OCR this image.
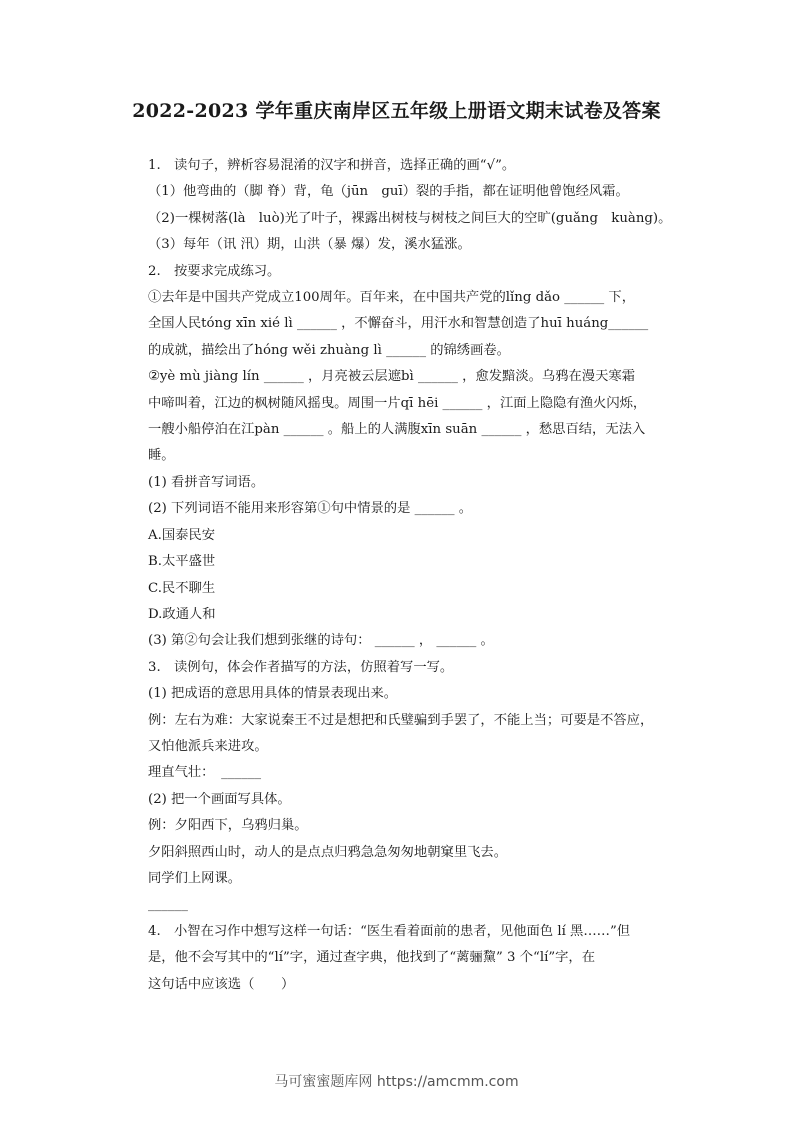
2022-2023 学年重庆南岸区五年级上册语文期末试卷及答案

1.　读句子，辨析容易混淆的汉字和拼音，选择正确的画“√”。

（1）他弯曲的（脚 脊）背，龟（jūn　guī）裂的手指，都在证明他曾饱经风霜。

（2)一棵树落(là　luò)光了叶子，裸露出树枝与树枝之间巨大的空旷(guǎng　kuàng)。

（3）每年（讯 汛）期，山洪（暴 爆）发，溪水猛涨。

2.　按要求完成练习。

①去年是中国共产党成立100周年。百年来，在中国共产党的lǐng dǎo ______ 下，

全国人民tóng xīn xié lì ______ ，不懈奋斗，用汗水和智慧创造了huī huáng______

的成就，描绘出了hóng wěi zhuàng lì ______ 的锦绣画卷。

②yè mù jiàng lín ______ ，月亮被云层遮bì ______ ，愈发黯淡。乌鸦在漫天寒霜

中啼叫着，江边的枫树随风摇曳。周围一片qī hēi ______ ，江面上隐隐有渔火闪烁，

一艘小船停泊在江pàn ______ 。船上的人满腹xīn suān ______ ，愁思百结，无法入

睡。

(1) 看拼音写词语。

(2) 下列词语不能用来形容第①句中情景的是 ______ 。

A.国泰民安

B.太平盛世

C.民不聊生

D.政通人和

(3) 第②句会让我们想到张继的诗句： ______ ， ______ 。

3.　读例句，体会作者描写的方法，仿照着写一写。

(1) 把成语的意思用具体的情景表现出来。

例：左右为难：大家说秦王不过是想把和氏璧骗到手罢了，不能上当；可要是不答应，

又怕他派兵来进攻。

理直气壮：　______

(2) 把一个画面写具体。

例：夕阳西下，乌鸦归巢。

夕阳斜照西山时，动人的是点点归鸦急急匆匆地朝窠里飞去。

同学们上网课。

______

4.　小智在习作中想写这样一句话：“医生看着面前的患者，见他面色 lí 黑……”但

是，他不会写其中的“lí”字，通过查字典，他找到了“蓠骊黧” 3 个“lí”字，在

这句话中应该选（　　）

马可蜜蜜题库网 https://amcmm.com
